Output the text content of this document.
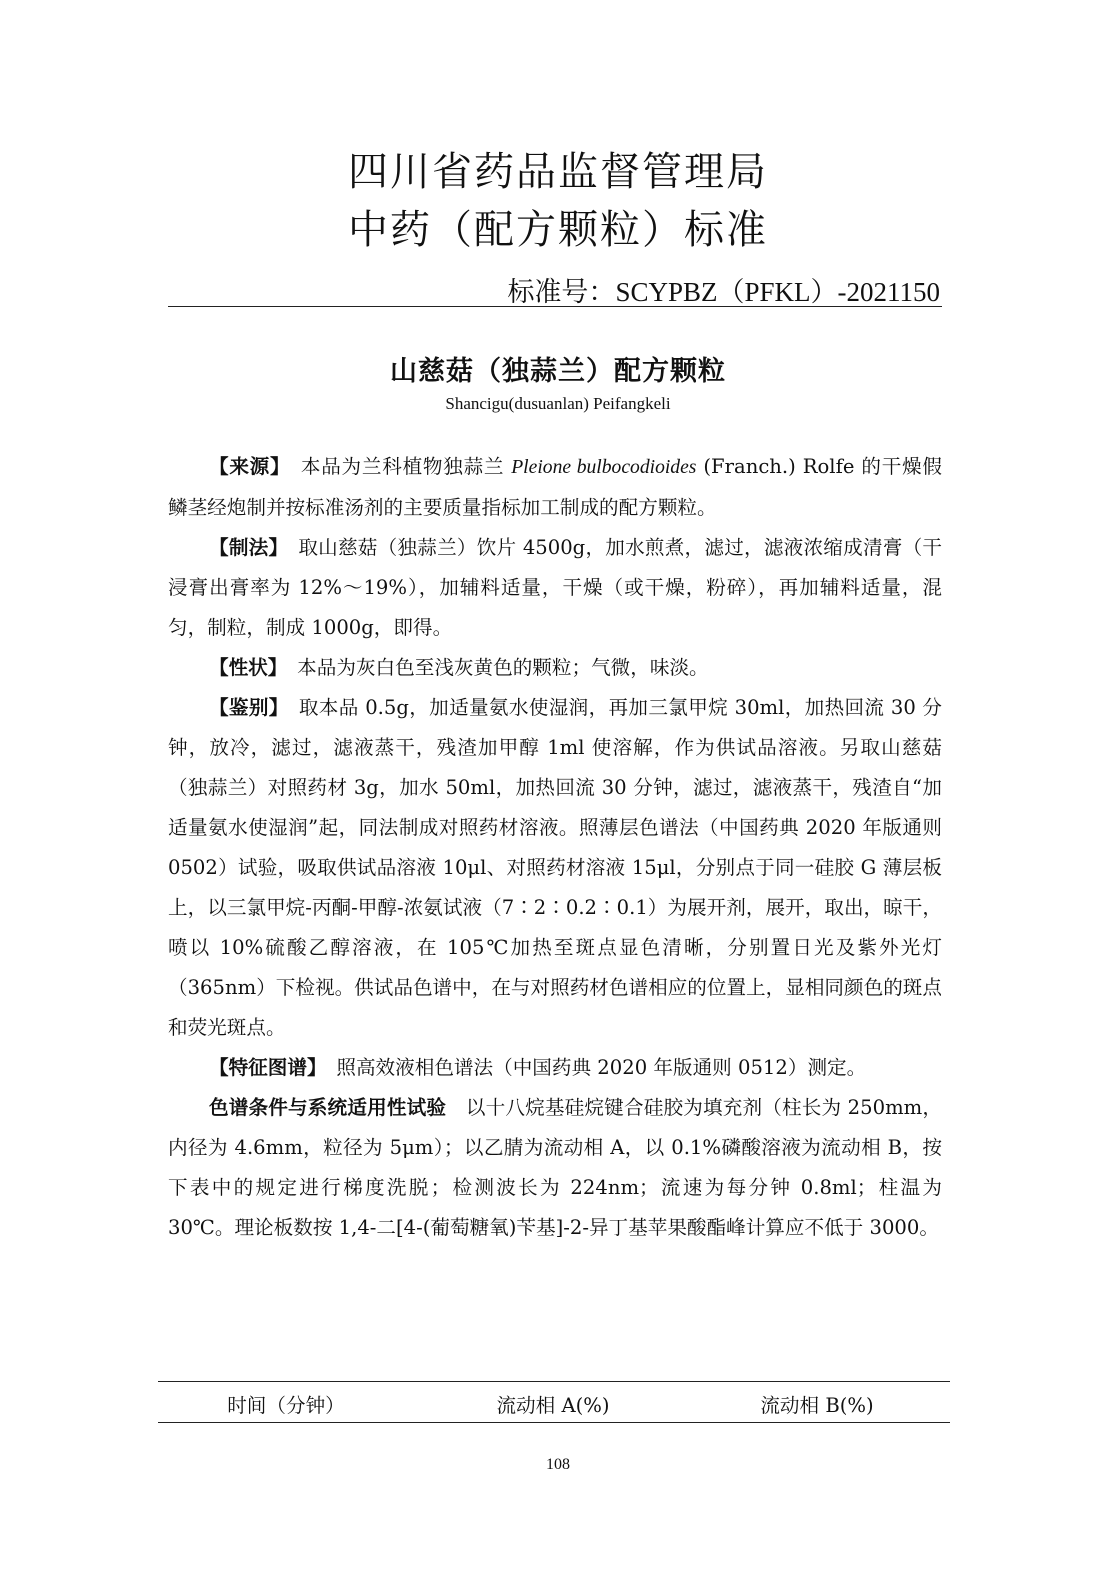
四川省药品监督管理局
中药（配方颗粒）标准
标准号：SCYPBZ（PFKL）-2021150
山慈菇（独蒜兰）配方颗粒
Shancigu(dusuanlan) Peifangkeli

【来源】　本品为兰科植物独蒜兰 Pleione bulbocodioides (Franch.) Rolfe 的干燥假鳞茎经炮制并按标准汤剂的主要质量指标加工制成的配方颗粒。

【制法】　取山慈菇（独蒜兰）饮片 4500g，加水煎煮，滤过，滤液浓缩成清膏（干浸膏出膏率为 12%～19%），加辅料适量，干燥（或干燥，粉碎），再加辅料适量，混匀，制粒，制成 1000g，即得。

【性状】　本品为灰白色至浅灰黄色的颗粒；气微，味淡。

【鉴别】　取本品 0.5g，加适量氨水使湿润，再加三氯甲烷 30ml，加热回流 30 分钟，放冷，滤过，滤液蒸干，残渣加甲醇 1ml 使溶解，作为供试品溶液。另取山慈菇（独蒜兰）对照药材 3g，加水 50ml，加热回流 30 分钟，滤过，滤液蒸干，残渣自“加适量氨水使湿润”起，同法制成对照药材溶液。照薄层色谱法（中国药典 2020 年版通则 0502）试验，吸取供试品溶液 10μl、对照药材溶液 15μl，分别点于同一硅胶 G 薄层板上，以三氯甲烷-丙酮-甲醇-浓氨试液（7∶2∶0.2∶0.1）为展开剂，展开，取出，晾干，喷以 10%硫酸乙醇溶液，在 105℃加热至斑点显色清晰，分别置日光及紫外光灯（365nm）下检视。供试品色谱中，在与对照药材色谱相应的位置上，显相同颜色的斑点和荧光斑点。

【特征图谱】　照高效液相色谱法（中国药典 2020 年版通则 0512）测定。

色谱条件与系统适用性试验　以十八烷基硅烷键合硅胶为填充剂（柱长为 250mm，内径为 4.6mm，粒径为 5μm）；以乙腈为流动相 A，以 0.1%磷酸溶液为流动相 B，按下表中的规定进行梯度洗脱；检测波长为 224nm；流速为每分钟 0.8ml；柱温为 30℃。理论板数按 1,4-二[4-(葡萄糖氧)苄基]-2-异丁基苹果酸酯峰计算应不低于 3000。

时间（分钟）	流动相 A(%)	流动相 B(%)
108
